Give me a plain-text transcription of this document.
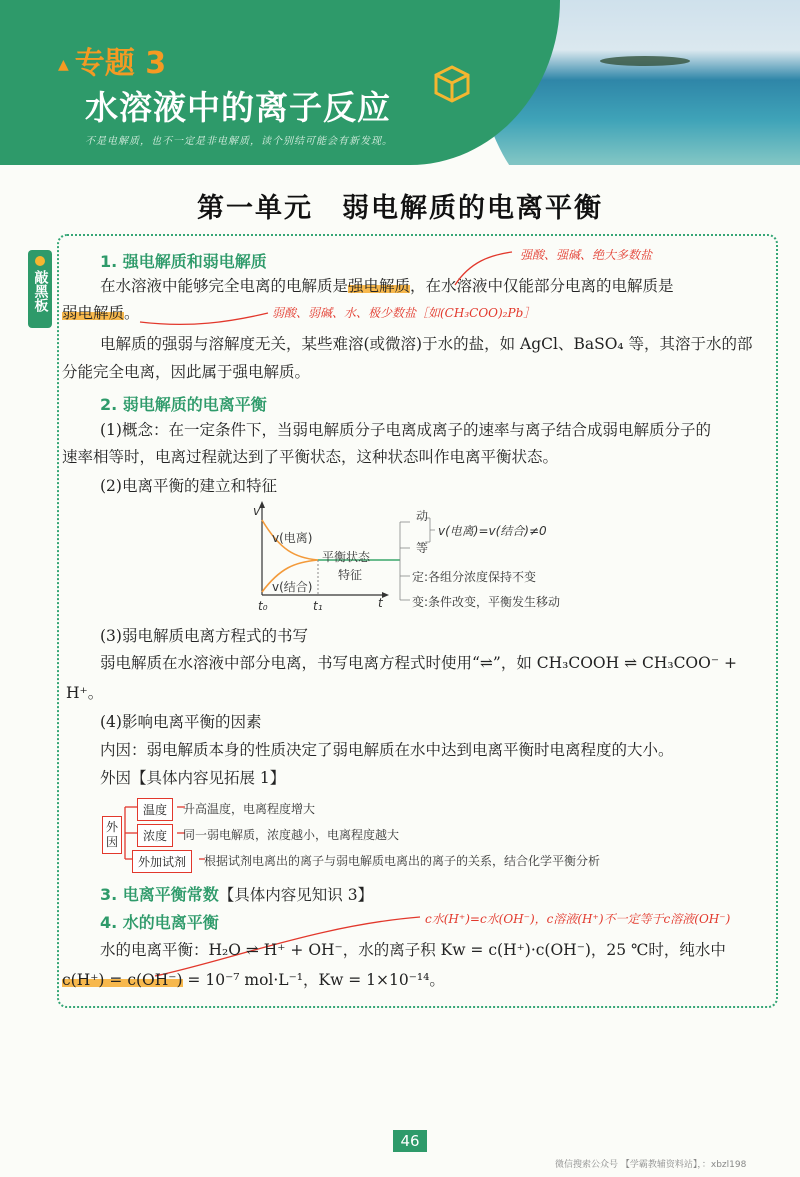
▲ 专题 3
水溶液中的离子反应
不是电解质，也不一定是非电解质，读个别结可能会有新发现。
第一单元　弱电解质的电离平衡
敲黑板
1. 强电解质和弱电解质	强酸、强碱、绝大多数盐
在水溶液中能够完全电离的电解质是强电解质，在水溶液中仅能部分电离的电解质是
弱电解质。	弱酸、弱碱、水、极少数盐［如(CH₃COO)₂Pb］
电解质的强弱与溶解度无关，某些难溶(或微溶)于水的盐，如 AgCl、BaSO₄ 等，其溶于水的部
分能完全电离，因此属于强电解质。
2. 弱电解质的电离平衡
(1)概念：在一定条件下，当弱电解质分子电离成离子的速率与离子结合成弱电解质分子的
速率相等时，电离过程就达到了平衡状态，这种状态叫作电离平衡状态。
(2)电离平衡的建立和特征
v
t
t₀	t₁
v(电离)
v(结合)
平衡状态
特征
动
等
v(电离)=v(结合)≠0
定:各组分浓度保持不变
变:条件改变，平衡发生移动
(3)弱电解质电离方程式的书写
弱电解质在水溶液中部分电离，书写电离方程式时使用“⇌”，如 CH₃COOH ⇌ CH₃COO⁻ +
H⁺。
(4)影响电离平衡的因素
内因：弱电解质本身的性质决定了弱电解质在水中达到电离平衡时电离程度的大小。
外因【具体内容见拓展 1】
外因
温度	升高温度，电离程度增大
浓度	同一弱电解质，浓度越小，电离程度越大
外加试剂	根据试剂电离出的离子与弱电解质电离出的离子的关系，结合化学平衡分析
3. 电离平衡常数【具体内容见知识 3】
4. 水的电离平衡	c水(H⁺)=c水(OH⁻)，c溶液(H⁺)不一定等于c溶液(OH⁻)
水的电离平衡：H₂O ⇌ H⁺ + OH⁻，水的离子积 Kw = c(H⁺)·c(OH⁻)，25 ℃时，纯水中
c(H⁺) = c(OH⁻) = 10⁻⁷ mol·L⁻¹，Kw = 1×10⁻¹⁴。
46
微信搜索公众号 【学霸教辅资料站】，：xbzl198
